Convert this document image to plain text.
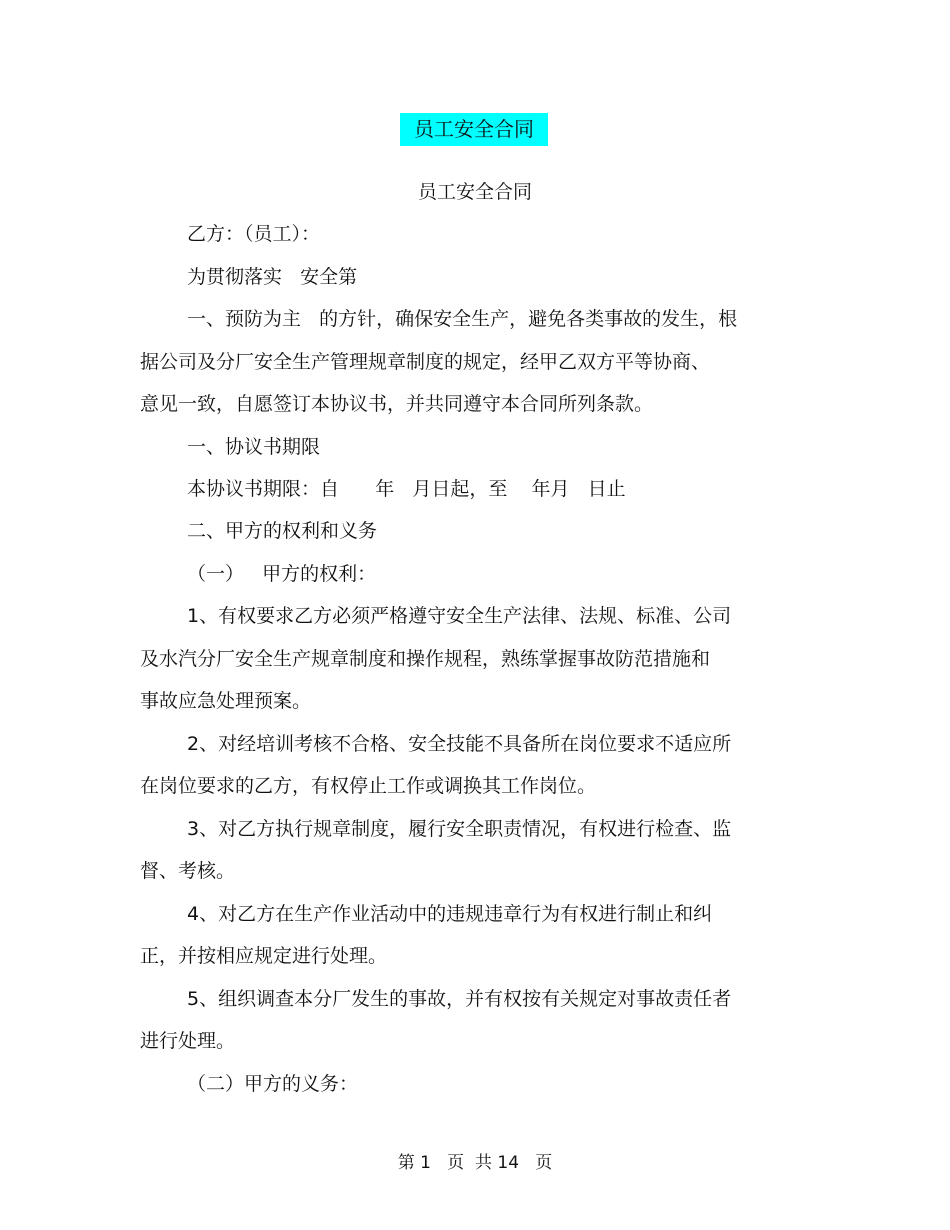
员工安全合同
员工安全合同
乙方：（员工）：
为贯彻落实   安全第
一、预防为主   的方针，确保安全生产，避免各类事故的发生，根
据公司及分厂安全生产管理规章制度的规定，经甲乙双方平等协商、
意见一致，自愿签订本协议书，并共同遵守本合同所列条款。
一、协议书期限
本协议书期限：自      年   月日起，至    年月   日止
二、甲方的权利和义务
（一）   甲方的权利：
1、有权要求乙方必须严格遵守安全生产法律、法规、标准、公司
及水汽分厂安全生产规章制度和操作规程，熟练掌握事故防范措施和
事故应急处理预案。
2、对经培训考核不合格、安全技能不具备所在岗位要求不适应所
在岗位要求的乙方，有权停止工作或调换其工作岗位。
3、对乙方执行规章制度，履行安全职责情况，有权进行检查、监
督、考核。
4、对乙方在生产作业活动中的违规违章行为有权进行制止和纠
正，并按相应规定进行处理。
5、组织调查本分厂发生的事故，并有权按有关规定对事故责任者
进行处理。
（二）甲方的义务：
第 1   页  共 14   页
